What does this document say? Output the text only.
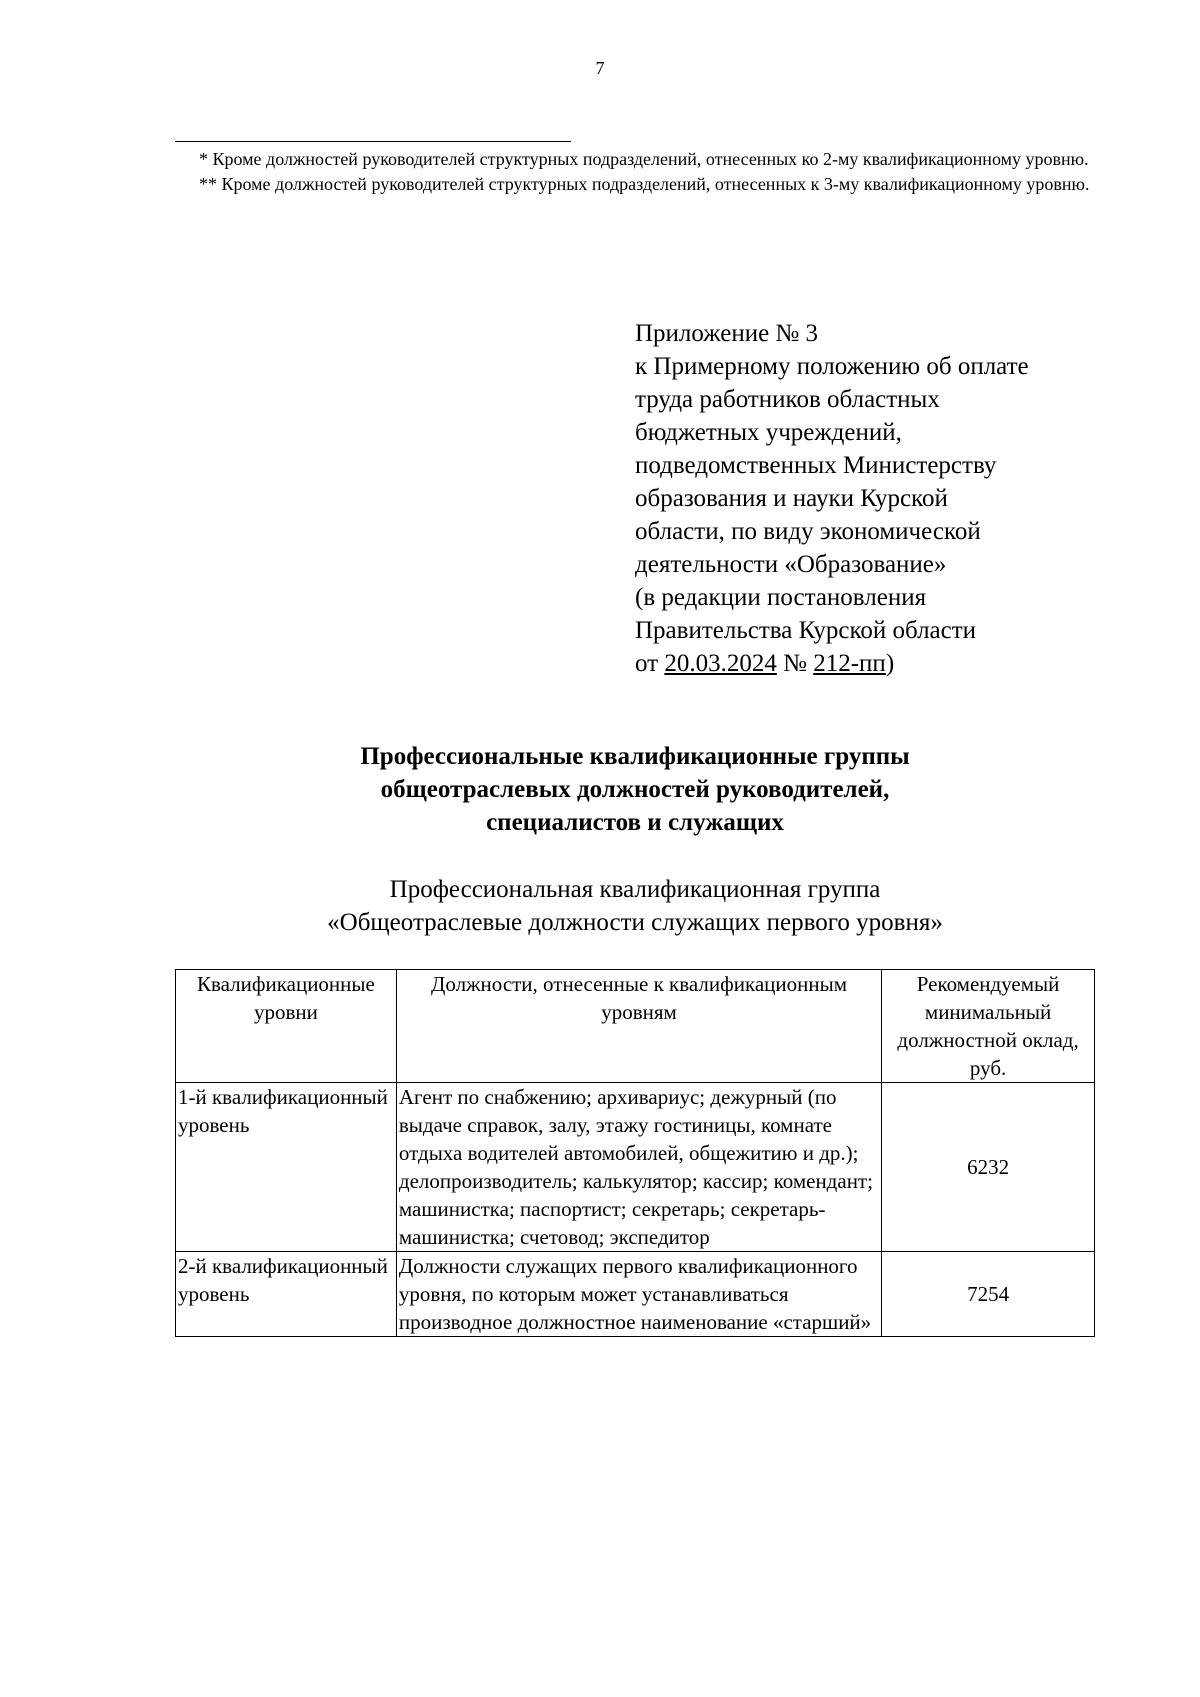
7

* Кроме должностей руководителей структурных подразделений, отнесенных ко 2-му квалификационному уровню.

** Кроме должностей руководителей структурных подразделений, отнесенных к 3-му квалификационному уровню.

Приложение № 3
к Примерному положению об оплате
труда работников областных
бюджетных учреждений,
подведомственных Министерству
образования и науки Курской
области, по виду экономической
деятельности «Образование»
(в редакции постановления
Правительства Курской области
от 20.03.2024 № 212-пп)
Профессиональные квалификационные группы
общеотраслевых должностей руководителей,
специалистов и служащих
Профессиональная квалификационная группа
«Общеотраслевые должности служащих первого уровня»
Квалификационные уровни	Должности, отнесенные к квалификационным уровням	Рекомендуемый минимальный должностной оклад, руб.
1-й квалификационный уровень	Агент по снабжению; архивариус; дежурный (по выдаче справок, залу, этажу гостиницы, комнате отдыха водителей автомобилей, общежитию и др.); делопроизводитель; калькулятор; кассир; комендант; машинистка; паспортист; секретарь; секретарь-машинистка; счетовод; экспедитор	6232
2-й квалификационный уровень	Должности служащих первого квалификационного уровня, по которым может устанавливаться производное должностное наименование «старший»	7254
